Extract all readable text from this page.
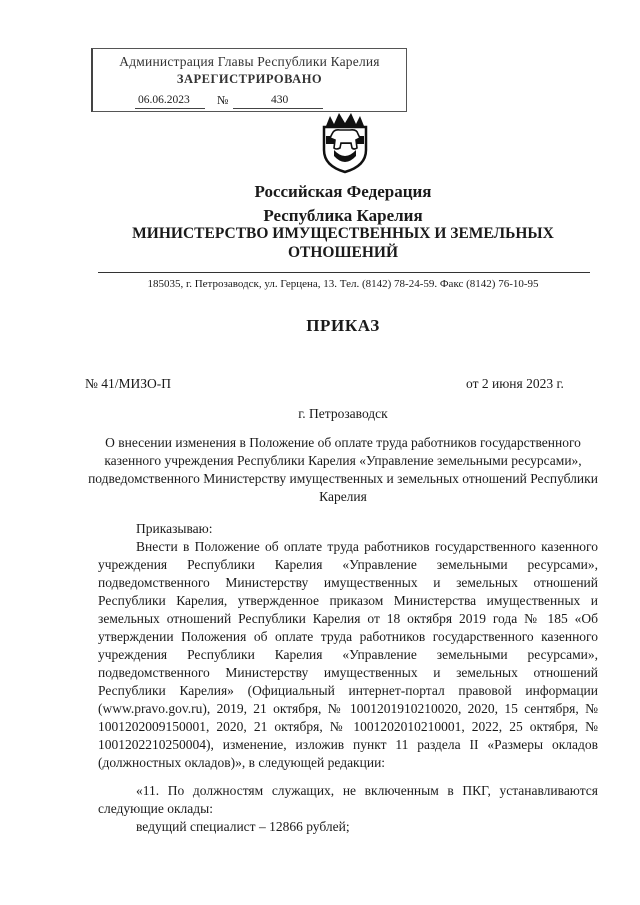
Администрация Главы Республики Карелия
ЗАРЕГИСТРИРОВАНО
06.06.2023 №	430
Российская Федерация
Республика Карелия
МИНИСТЕРСТВО ИМУЩЕСТВЕННЫХ И ЗЕМЕЛЬНЫХ
ОТНОШЕНИЙ
185035, г. Петрозаводск, ул. Герцена, 13. Тел. (8142) 78-24-59. Факс (8142) 76-10-95
ПРИКАЗ
№ 41/МИЗО-П	от 2 июня 2023 г.
г. Петрозаводск
О внесении изменения в Положение об оплате труда работников государственного казенного учреждения Республики Карелия «Управление земельными ресурсами», подведомственного Министерству имущественных и земельных отношений Республики Карелия

Приказываю:

Внести в Положение об оплате труда работников государственного казенного учреждения Республики Карелия «Управление земельными ресурсами», подведомственного Министерству имущественных и земельных отношений Республики Карелия, утвержденное приказом Министерства имущественных и земельных отношений Республики Карелия от 18 октября 2019 года № 185 «Об утверждении Положения об оплате труда работников государственного казенного учреждения Республики Карелия «Управление земельными ресурсами», подведомственного Министерству имущественных и земельных отношений Республики Карелия» (Официальный интернет-портал правовой информации (www.pravo.gov.ru), 2019, 21 октября, № 1001201910210020, 2020, 15 сентября, № 1001202009150001, 2020, 21 октября, № 1001202010210001, 2022, 25 октября, № 1001202210250004), изменение, изложив пункт 11 раздела II «Размеры окладов (должностных окладов)», в следующей редакции:

«11. По должностям служащих, не включенным в ПКГ, устанавливаются следующие оклады:

ведущий специалист – 12866 рублей;
